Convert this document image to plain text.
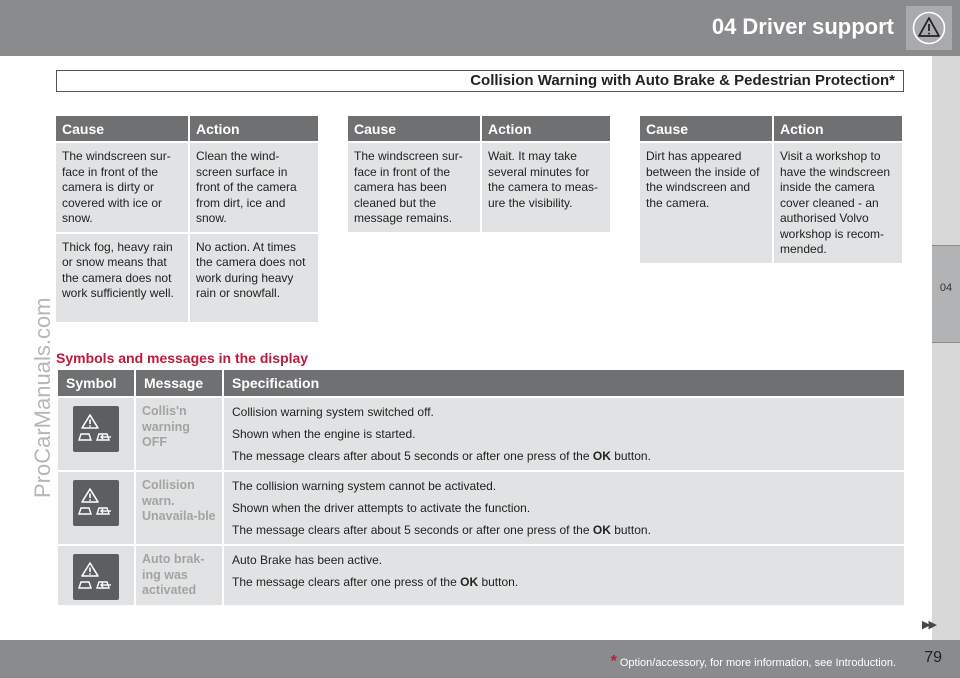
04 Driver support
04
ProCarManuals.com
Collision Warning with Auto Brake & Pedestrian Protection*
Cause	Action

The windscreen sur-face in front of the camera is dirty or covered with ice or snow.	Clean the wind-screen surface in front of the camera from dirt, ice and snow.

Thick fog, heavy rain or snow means that the camera does not work sufficiently well.	No action. At times the camera does not work during heavy rain or snowfall.
Cause	Action

The windscreen sur-face in front of the camera has been cleaned but the message remains.	Wait. It may take several minutes for the camera to meas-ure the visibility.
Cause	Action

Dirt has appeared between the inside of the windscreen and the camera.	Visit a workshop to have the windscreen inside the camera cover cleaned - an authorised Volvo workshop is recom-mended.
Symbols and messages in the display
Symbol	Message	Specification

	Collis'n warning OFF	Collision warning system switched off.

Shown when the engine is started.

The message clears after about 5 seconds or after one press of the OK button.

	Collision warn. Unavaila-ble	The collision warning system cannot be activated.

Shown when the driver attempts to activate the function.

The message clears after about 5 seconds or after one press of the OK button.

	Auto brak-ing was activated	Auto Brake has been active.

The message clears after one press of the OK button.

▶▶
* Option/accessory, for more information, see Introduction. 79
